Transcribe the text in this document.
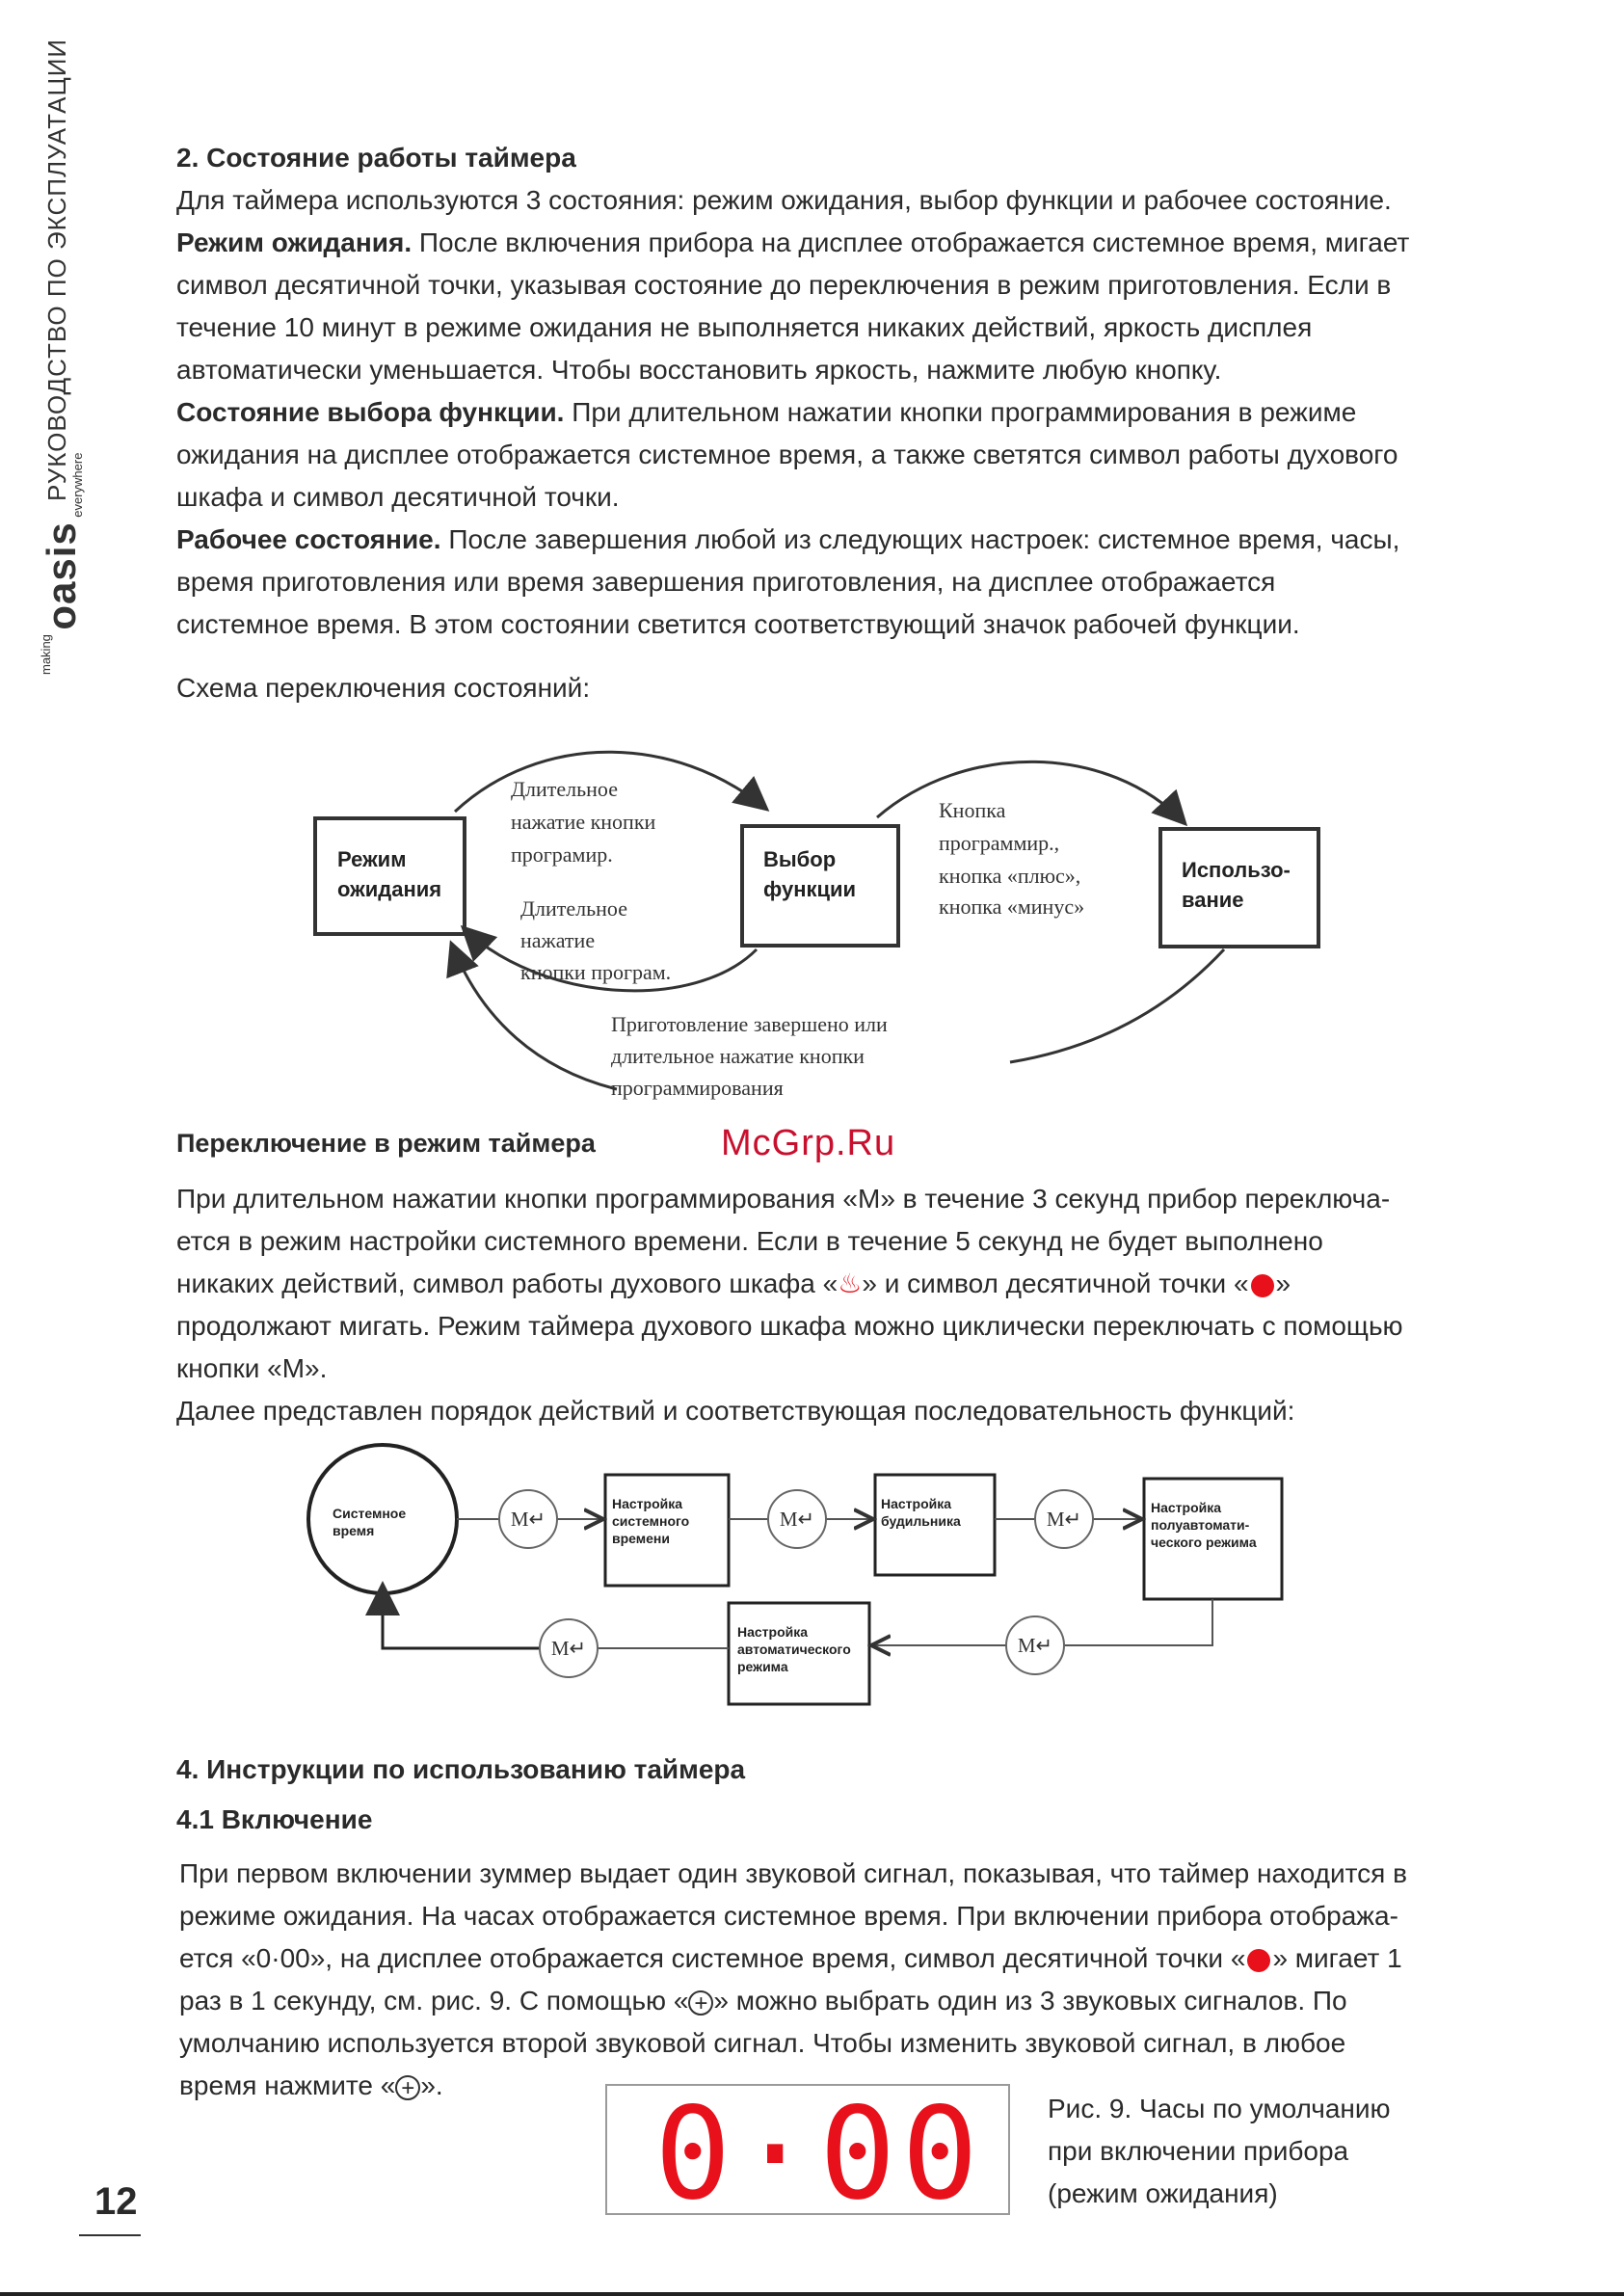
РУКОВОДСТВО ПО ЭКСПЛУАТАЦИИ
$^{making}$ oasis everywhere

2. Состояние работы таймера

Для таймера используются 3 состояния: режим ожидания, выбор функции и рабочее состояние.

Режим ожидания. После включения прибора на дисплее отображается системное время, мигает

символ десятичной точки, указывая состояние до переключения в режим приготовления. Если в

течение 10 минут в режиме ожидания не выполняется никаких действий, яркость дисплея

автоматически уменьшается. Чтобы восстановить яркость, нажмите любую кнопку.

Состояние выбора функции. При длительном нажатии кнопки программирования в режиме

ожидания на дисплее отображается системное время, а также светятся символ работы духового

шкафа и символ десятичной точки.

Рабочее состояние. После завершения любой из следующих настроек: системное время, часы,

время приготовления или время завершения приготовления, на дисплее отображается

системное время. В этом состоянии светится соответствующий значок рабочей функции.

Схема переключения состояний:

Режим
ожидания
Выбор
функции
Использо-
вание
Длительное
нажатие кнопки
програмир.
Длительное
нажатие
кнопки програм.
Кнопка
программир.,
кнопка «плюс»,
кнопка «минус»
Приготовление завершено или
длительное нажатие кнопки
программирования
McGrp.Ru

Переключение в режим таймера

При длительном нажатии кнопки программирования «М» в течение 3 секунд прибор переключа-

ется в режим настройки системного времени. Если в течение 5 секунд не будет выполнено

никаких действий, символ работы духового шкафа «♨» и символ десятичной точки « »

продолжают мигать. Режим таймера духового шкафа можно циклически переключать с помощью

кнопки «М».

Далее представлен порядок действий и соответствующая последовательность функций:

M↵	M↵	M↵
M↵
M↵
Системное
время
Настройка
системного
времени
Настройка
будильника
Настройка
полуавтомати-
ческого режима
Настройка
автоматического
режима

4. Инструкции по использованию таймера

4.1 Включение

При первом включении зуммер выдает один звуковой сигнал, показывая, что таймер находится в

режиме ожидания. На часах отображается системное время. При включении прибора отобража-

ется «0·00», на дисплее отображается системное время, символ десятичной точки « » мигает 1

раз в 1 секунду, см. рис. 9. С помощью « + » можно выбрать один из 3 звуковых сигналов. По

умолчанию используется второй звуковой сигнал. Чтобы изменить звуковой сигнал, в любое

время нажмите « + ».	0·00 Рис. 9. Часы по умолчанию
при включении прибора
(режим ожидания)
12
